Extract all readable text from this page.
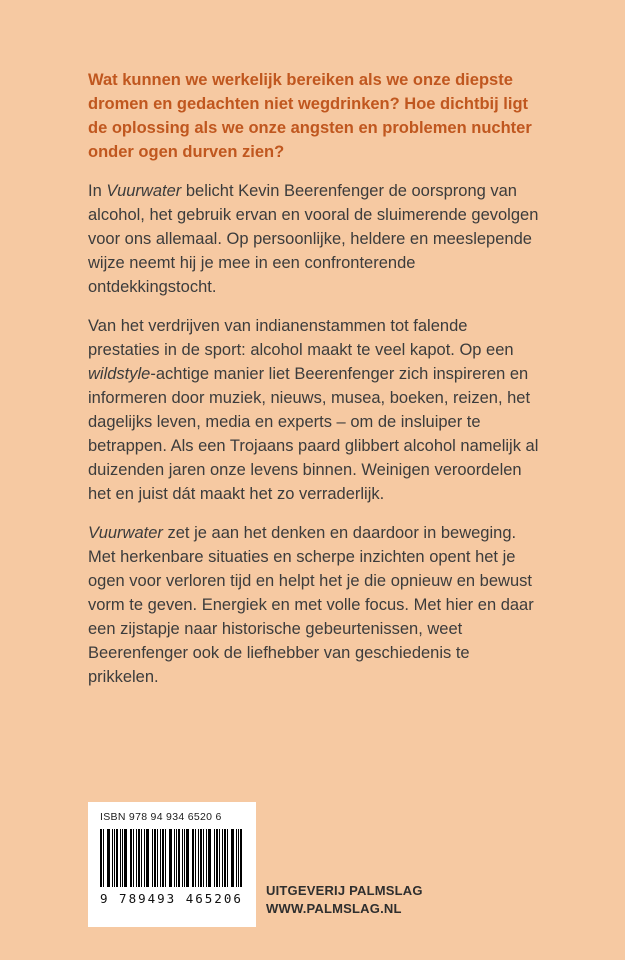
Wat kunnen we werkelijk bereiken als we onze diepste dromen en gedachten niet wegdrinken? Hoe dichtbij ligt de oplossing als we onze angsten en problemen nuchter onder ogen durven zien?

In Vuurwater belicht Kevin Beerenfenger de oorsprong van alcohol, het gebruik ervan en vooral de sluimerende gevolgen voor ons allemaal. Op persoonlijke, heldere en meeslepende wijze neemt hij je mee in een confronterende ontdekkingstocht.

Van het verdrijven van indianenstammen tot falende prestaties in de sport: alcohol maakt te veel kapot. Op een wildstyle-achtige manier liet Beerenfenger zich inspireren en informeren door muziek, nieuws, musea, boeken, reizen, het dagelijks leven, media en experts – om de insluiper te betrappen. Als een Trojaans paard glibbert alcohol namelijk al duizenden jaren onze levens binnen. Weinigen veroordelen het en juist dát maakt het zo verraderlijk.

Vuurwater zet je aan het denken en daardoor in beweging. Met herkenbare situaties en scherpe inzichten opent het je ogen voor verloren tijd en helpt het je die opnieuw en bewust vorm te geven. Energiek en met volle focus. Met hier en daar een zijstapje naar historische gebeurtenissen, weet Beerenfenger ook de liefhebber van geschiedenis te prikkelen.

ISBN 978 94 934 6520 6
9 789493 465206
UITGEVERIJ PALMSLAG
WWW.PALMSLAG.NL
